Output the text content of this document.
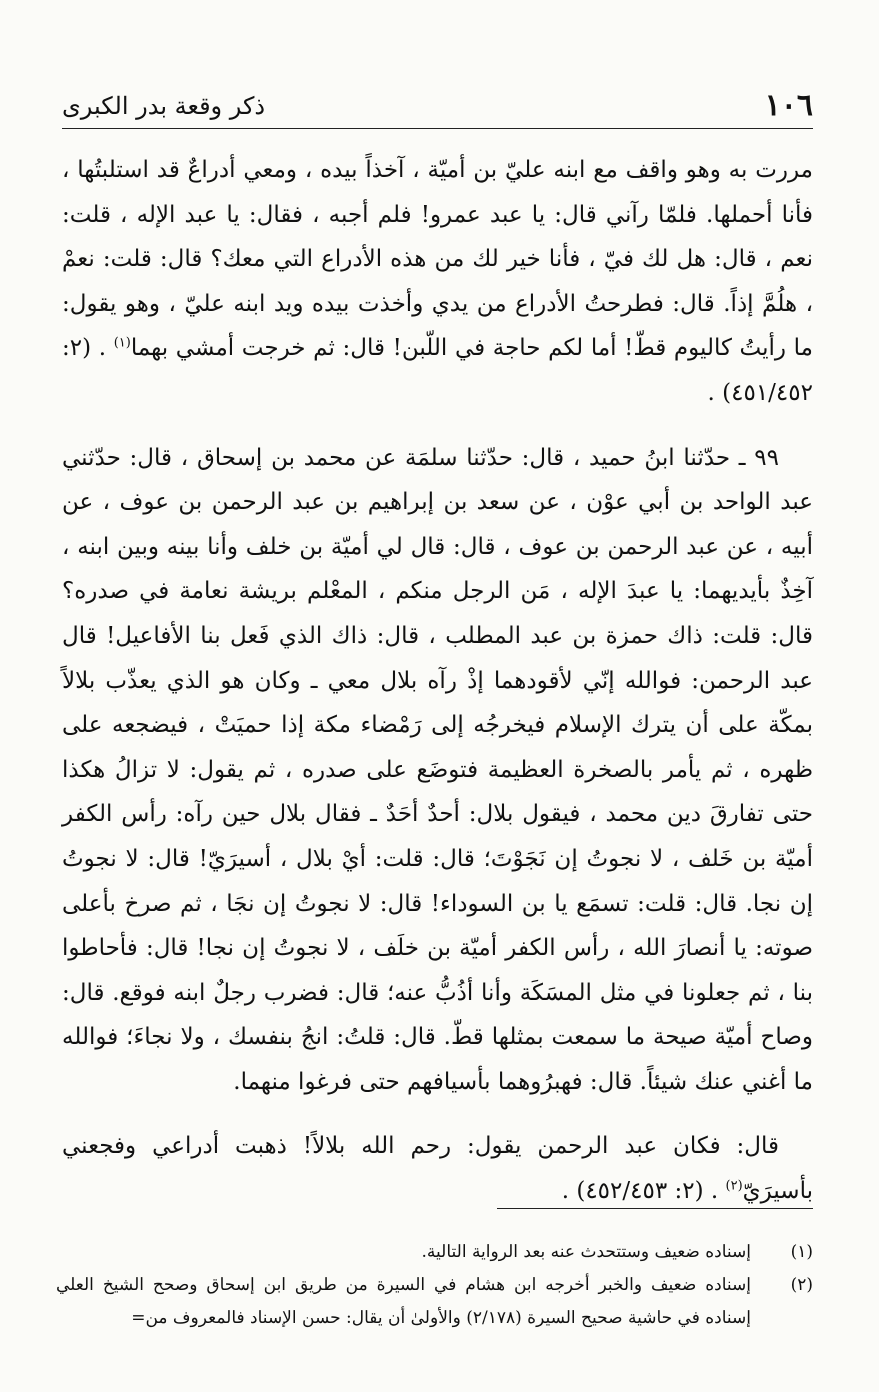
١٠٦
ذكر وقعة بدر الكبرى

مررت به وهو واقف مع ابنه عليّ بن أميّة ، آخذاً بيده ، ومعي أدراعٌ قد استلبتُها ، فأنا أحملها. فلمّا رآني قال: يا عبد عمرو! فلم أجبه ، فقال: يا عبد الإله ، قلت: نعم ، قال: هل لك فيّ ، فأنا خير لك من هذه الأدراع التي معك؟ قال: قلت: نعمْ ، هلُمَّ إذاً. قال: فطرحتُ الأدراع من يدي وأخذت بيده ويد ابنه عليّ ، وهو يقول: ما رأيتُ كاليوم قطّ! أما لكم حاجة في اللّبن! قال: ثم خرجت أمشي بهما$^{(١)}$ . (٢: ٤٥١/٤٥٢) .

٩٩ ـ حدّثنا ابنُ حميد ، قال: حدّثنا سلمَة عن محمد بن إسحاق ، قال: حدّثني عبد الواحد بن أبي عوْن ، عن سعد بن إبراهيم بن عبد الرحمن بن عوف ، عن أبيه ، عن عبد الرحمن بن عوف ، قال: قال لي أميّة بن خلف وأنا بينه وبين ابنه ، آخِذٌ بأيديهما: يا عبدَ الإله ، مَن الرجل منكم ، المعْلم بريشة نعامة في صدره؟ قال: قلت: ذاك حمزة بن عبد المطلب ، قال: ذاك الذي فَعل بنا الأفاعيل! قال عبد الرحمن: فوالله إنّي لأقودهما إذْ رآه بلال معي ـ وكان هو الذي يعذّب بلالاً بمكّة على أن يترك الإسلام فيخرجُه إلى رَمْضاء مكة إذا حميَتْ ، فيضجعه على ظهره ، ثم يأمر بالصخرة العظيمة فتوضَع على صدره ، ثم يقول: لا تزالُ هكذا حتى تفارقَ دين محمد ، فيقول بلال: أحدٌ أحَدٌ ـ فقال بلال حين رآه: رأس الكفر أميّة بن خَلف ، لا نجوتُ إن نَجَوْتَ؛ قال: قلت: أيْ بلال ، أسيرَيّ! قال: لا نجوتُ إن نجا. قال: قلت: تسمَع يا بن السوداء! قال: لا نجوتُ إن نجَا ، ثم صرخ بأعلى صوته: يا أنصارَ الله ، رأس الكفر أميّة بن خلَف ، لا نجوتُ إن نجا! قال: فأحاطوا بنا ، ثم جعلونا في مثل المسَكَة وأنا أذُبُّ عنه؛ قال: فضرب رجلٌ ابنه فوقع. قال: وصاح أميّة صيحة ما سمعت بمثلها قطّ. قال: قلتُ: انجُ بنفسك ، ولا نجاءَ؛ فوالله ما أغني عنك شيئاً. قال: فهبرُوهما بأسيافهم حتى فرغوا منهما.

قال: فكان عبد الرحمن يقول: رحم الله بلالاً! ذهبت أدراعي وفجعني بأسيرَيّ$^{(٢)}$ . (٢: ٤٥٢/٤٥٣) .

(١)
إسناده ضعيف وستتحدث عنه بعد الرواية التالية.
(٢)
إسناده ضعيف والخبر أخرجه ابن هشام في السيرة من طريق ابن إسحاق وصحح الشيخ العلي إسناده في حاشية صحيح السيرة (٢/١٧٨) والأولىٰ أن يقال: حسن الإسناد فالمعروف من=
